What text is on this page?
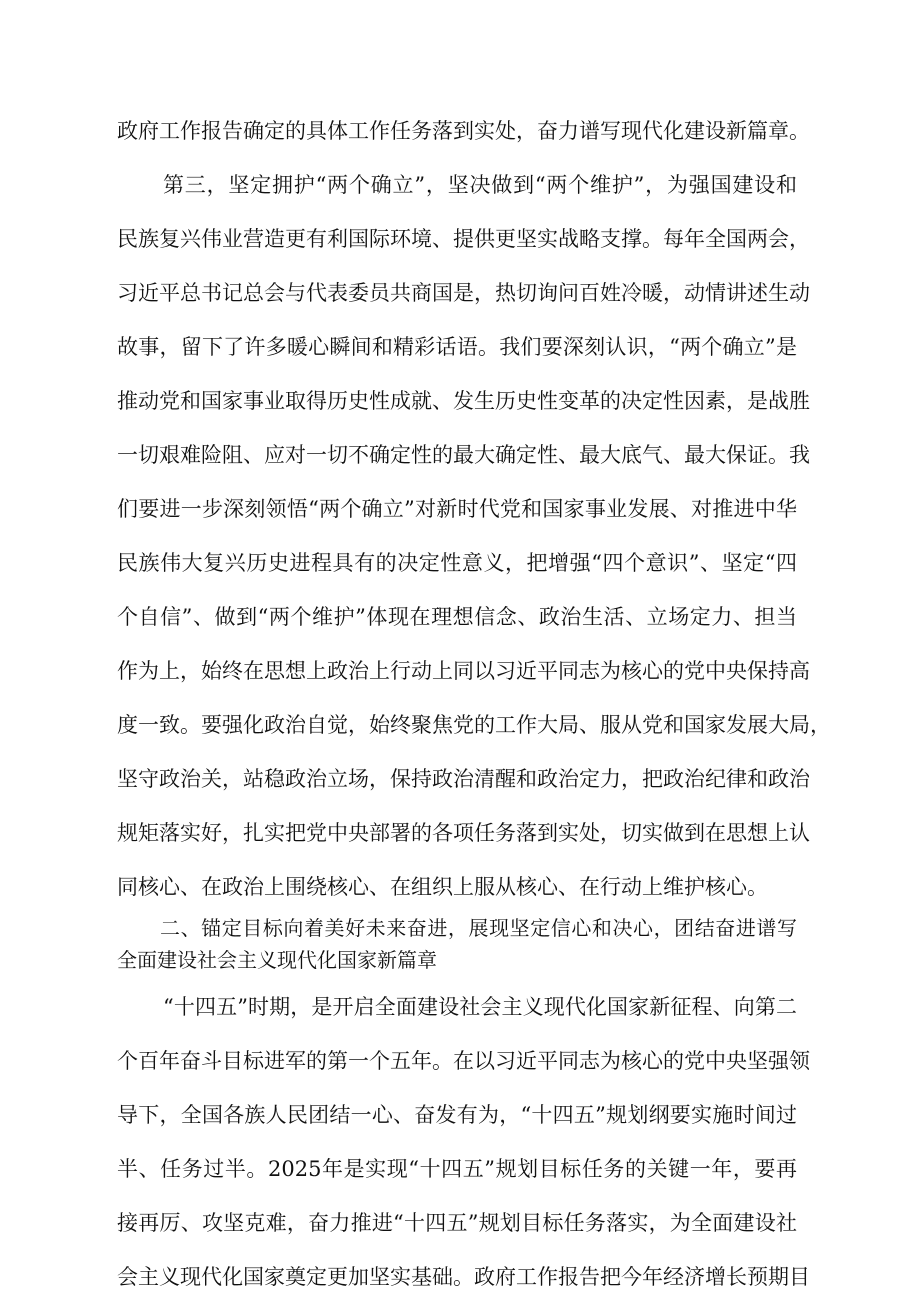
政府工作报告确定的具体工作任务落到实处，奋力谱写现代化建设新篇章。
第三，坚定拥护“两个确立”，坚决做到“两个维护”，为强国建设和
民族复兴伟业营造更有利国际环境、提供更坚实战略支撑。每年全国两会，
习近平总书记总会与代表委员共商国是，热切询问百姓冷暖，动情讲述生动
故事，留下了许多暖心瞬间和精彩话语。我们要深刻认识，“两个确立”是
推动党和国家事业取得历史性成就、发生历史性变革的决定性因素，是战胜
一切艰难险阻、应对一切不确定性的最大确定性、最大底气、最大保证。我
们要进一步深刻领悟“两个确立”对新时代党和国家事业发展、对推进中华
民族伟大复兴历史进程具有的决定性意义，把增强“四个意识”、坚定“四
个自信”、做到“两个维护”体现在理想信念、政治生活、立场定力、担当
作为上，始终在思想上政治上行动上同以习近平同志为核心的党中央保持高
度一致。要强化政治自觉，始终聚焦党的工作大局、服从党和国家发展大局，
坚守政治关，站稳政治立场，保持政治清醒和政治定力，把政治纪律和政治
规矩落实好，扎实把党中央部署的各项任务落到实处，切实做到在思想上认
同核心、在政治上围绕核心、在组织上服从核心、在行动上维护核心。
二、锚定目标向着美好未来奋进，展现坚定信心和决心，团结奋进谱写
全面建设社会主义现代化国家新篇章
“十四五”时期，是开启全面建设社会主义现代化国家新征程、向第二
个百年奋斗目标进军的第一个五年。在以习近平同志为核心的党中央坚强领
导下，全国各族人民团结一心、奋发有为，“十四五”规划纲要实施时间过
半、任务过半。2025年是实现“十四五”规划目标任务的关键一年，要再
接再厉、攻坚克难，奋力推进“十四五”规划目标任务落实，为全面建设社
会主义现代化国家奠定更加坚实基础。政府工作报告把今年经济增长预期目
